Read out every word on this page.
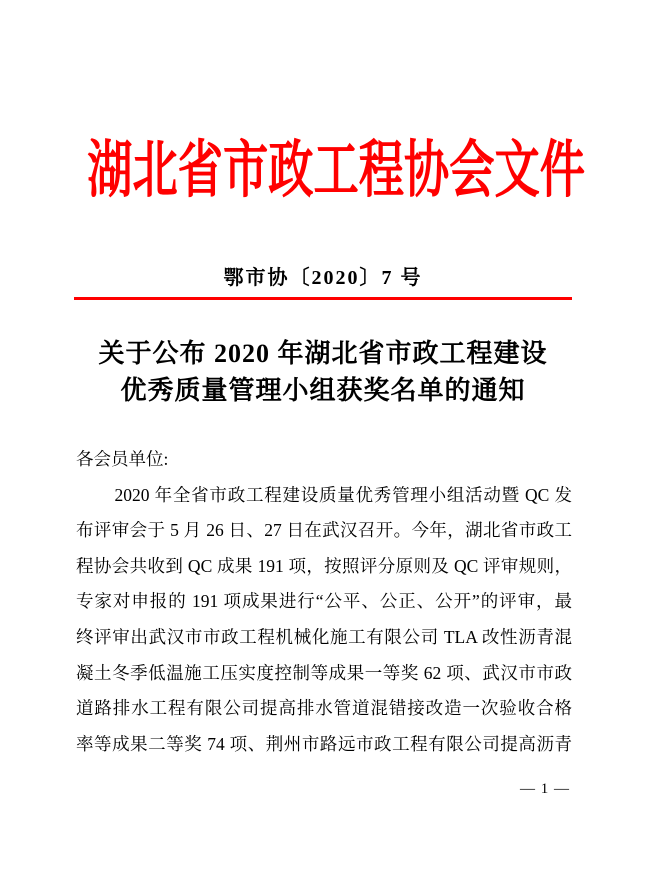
湖北省市政工程协会文件
鄂市协〔2020〕7 号
关于公布 2020 年湖北省市政工程建设
优秀质量管理小组获奖名单的通知
各会员单位:
2020 年全省市政工程建设质量优秀管理小组活动暨 QC 发
布评审会于 5 月 26 日、27 日在武汉召开。今年，湖北省市政工
程协会共收到 QC 成果 191 项，按照评分原则及 QC 评审规则，
专家对申报的 191 项成果进行“公平、公正、公开”的评审，最
终评审出武汉市市政工程机械化施工有限公司 TLA 改性沥青混
凝土冬季低温施工压实度控制等成果一等奖 62 项、武汉市市政
道路排水工程有限公司提高排水管道混错接改造一次验收合格
率等成果二等奖 74 项、荆州市路远市政工程有限公司提高沥青
— 1 —
